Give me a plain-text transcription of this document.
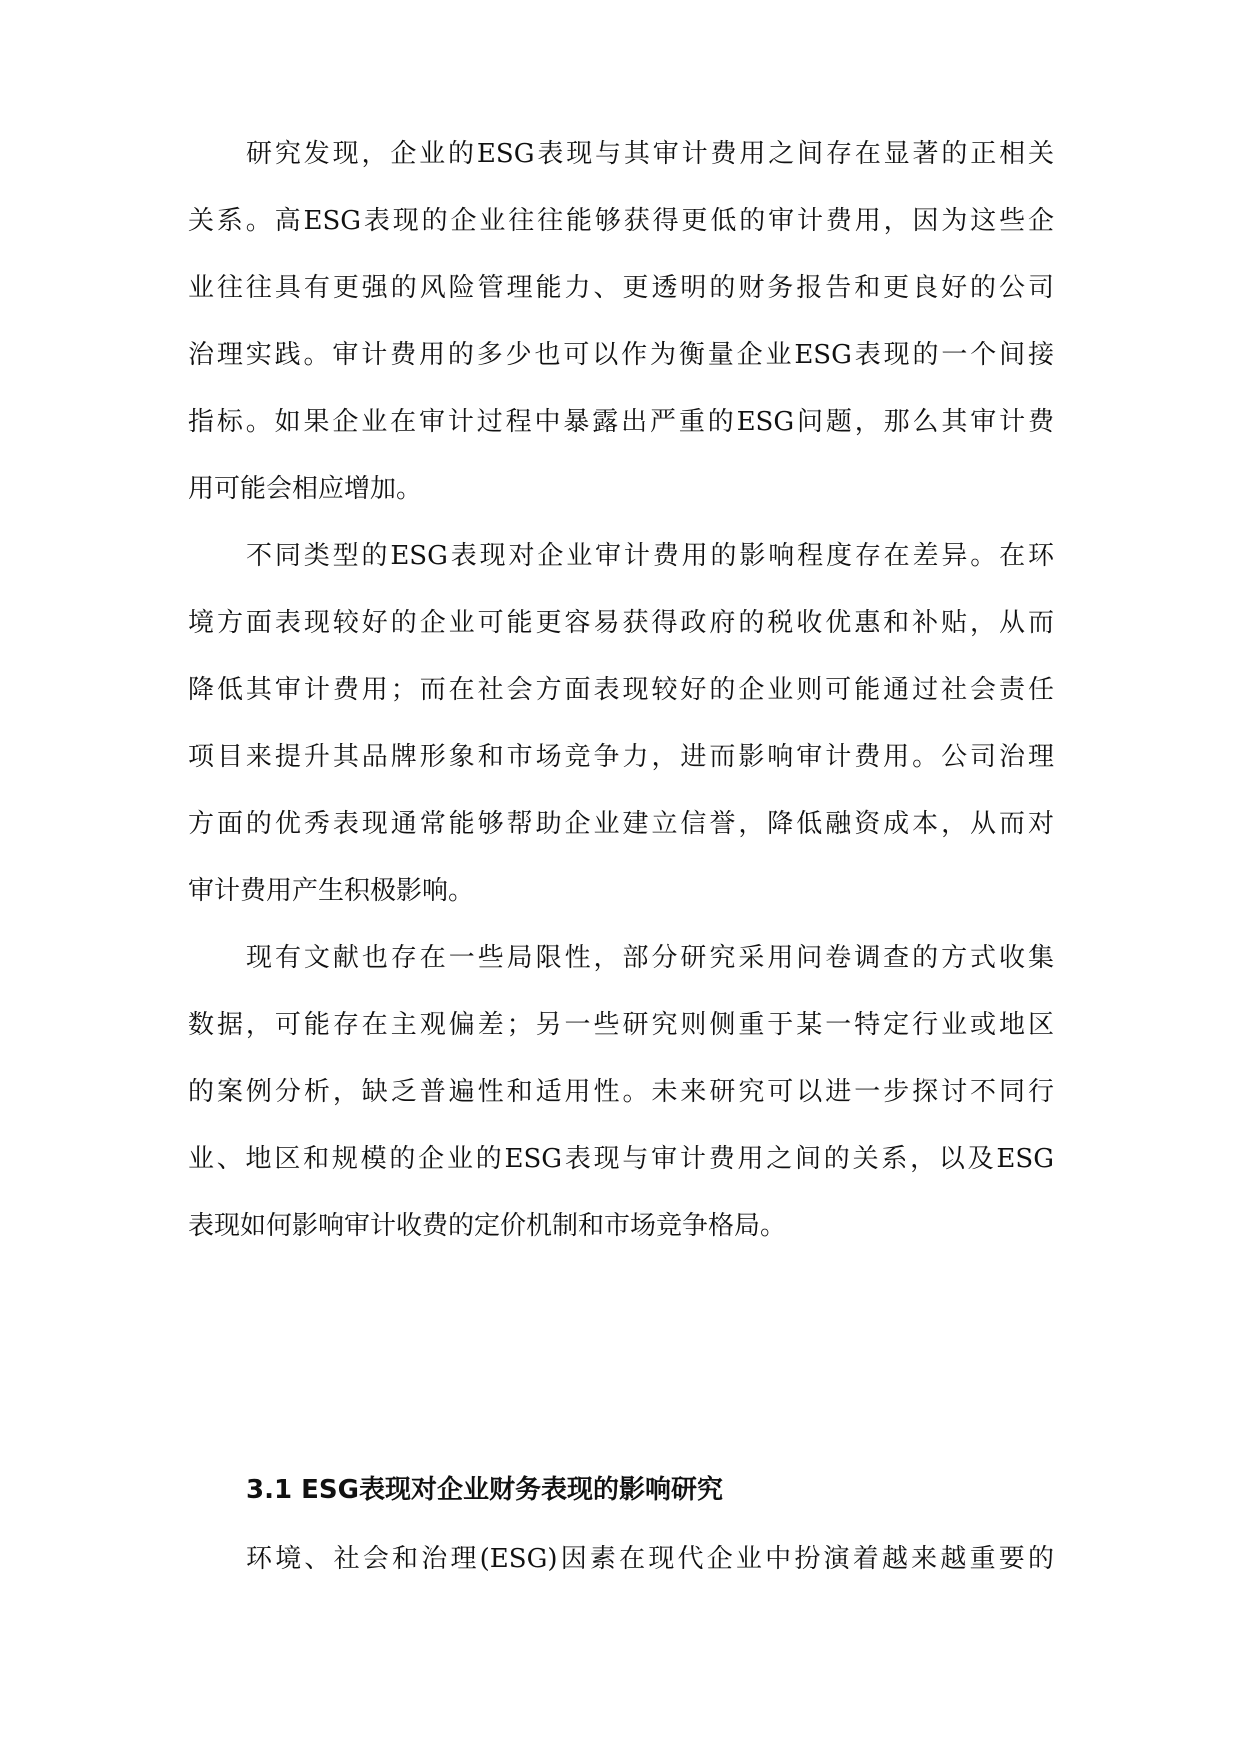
研究发现，企业的ESG表现与其审计费用之间存在显著的正相关
关系。高ESG表现的企业往往能够获得更低的审计费用，因为这些企
业往往具有更强的风险管理能力、更透明的财务报告和更良好的公司
治理实践。审计费用的多少也可以作为衡量企业ESG表现的一个间接
指标。如果企业在审计过程中暴露出严重的ESG问题，那么其审计费
用可能会相应增加。
不同类型的ESG表现对企业审计费用的影响程度存在差异。在环
境方面表现较好的企业可能更容易获得政府的税收优惠和补贴，从而
降低其审计费用；而在社会方面表现较好的企业则可能通过社会责任
项目来提升其品牌形象和市场竞争力，进而影响审计费用。公司治理
方面的优秀表现通常能够帮助企业建立信誉，降低融资成本，从而对
审计费用产生积极影响。
现有文献也存在一些局限性，部分研究采用问卷调查的方式收集
数据，可能存在主观偏差；另一些研究则侧重于某一特定行业或地区
的案例分析，缺乏普遍性和适用性。未来研究可以进一步探讨不同行
业、地区和规模的企业的ESG表现与审计费用之间的关系，以及ESG
表现如何影响审计收费的定价机制和市场竞争格局。
3.1 ESG表现对企业财务表现的影响研究
环境、社会和治理(ESG)因素在现代企业中扮演着越来越重要的
